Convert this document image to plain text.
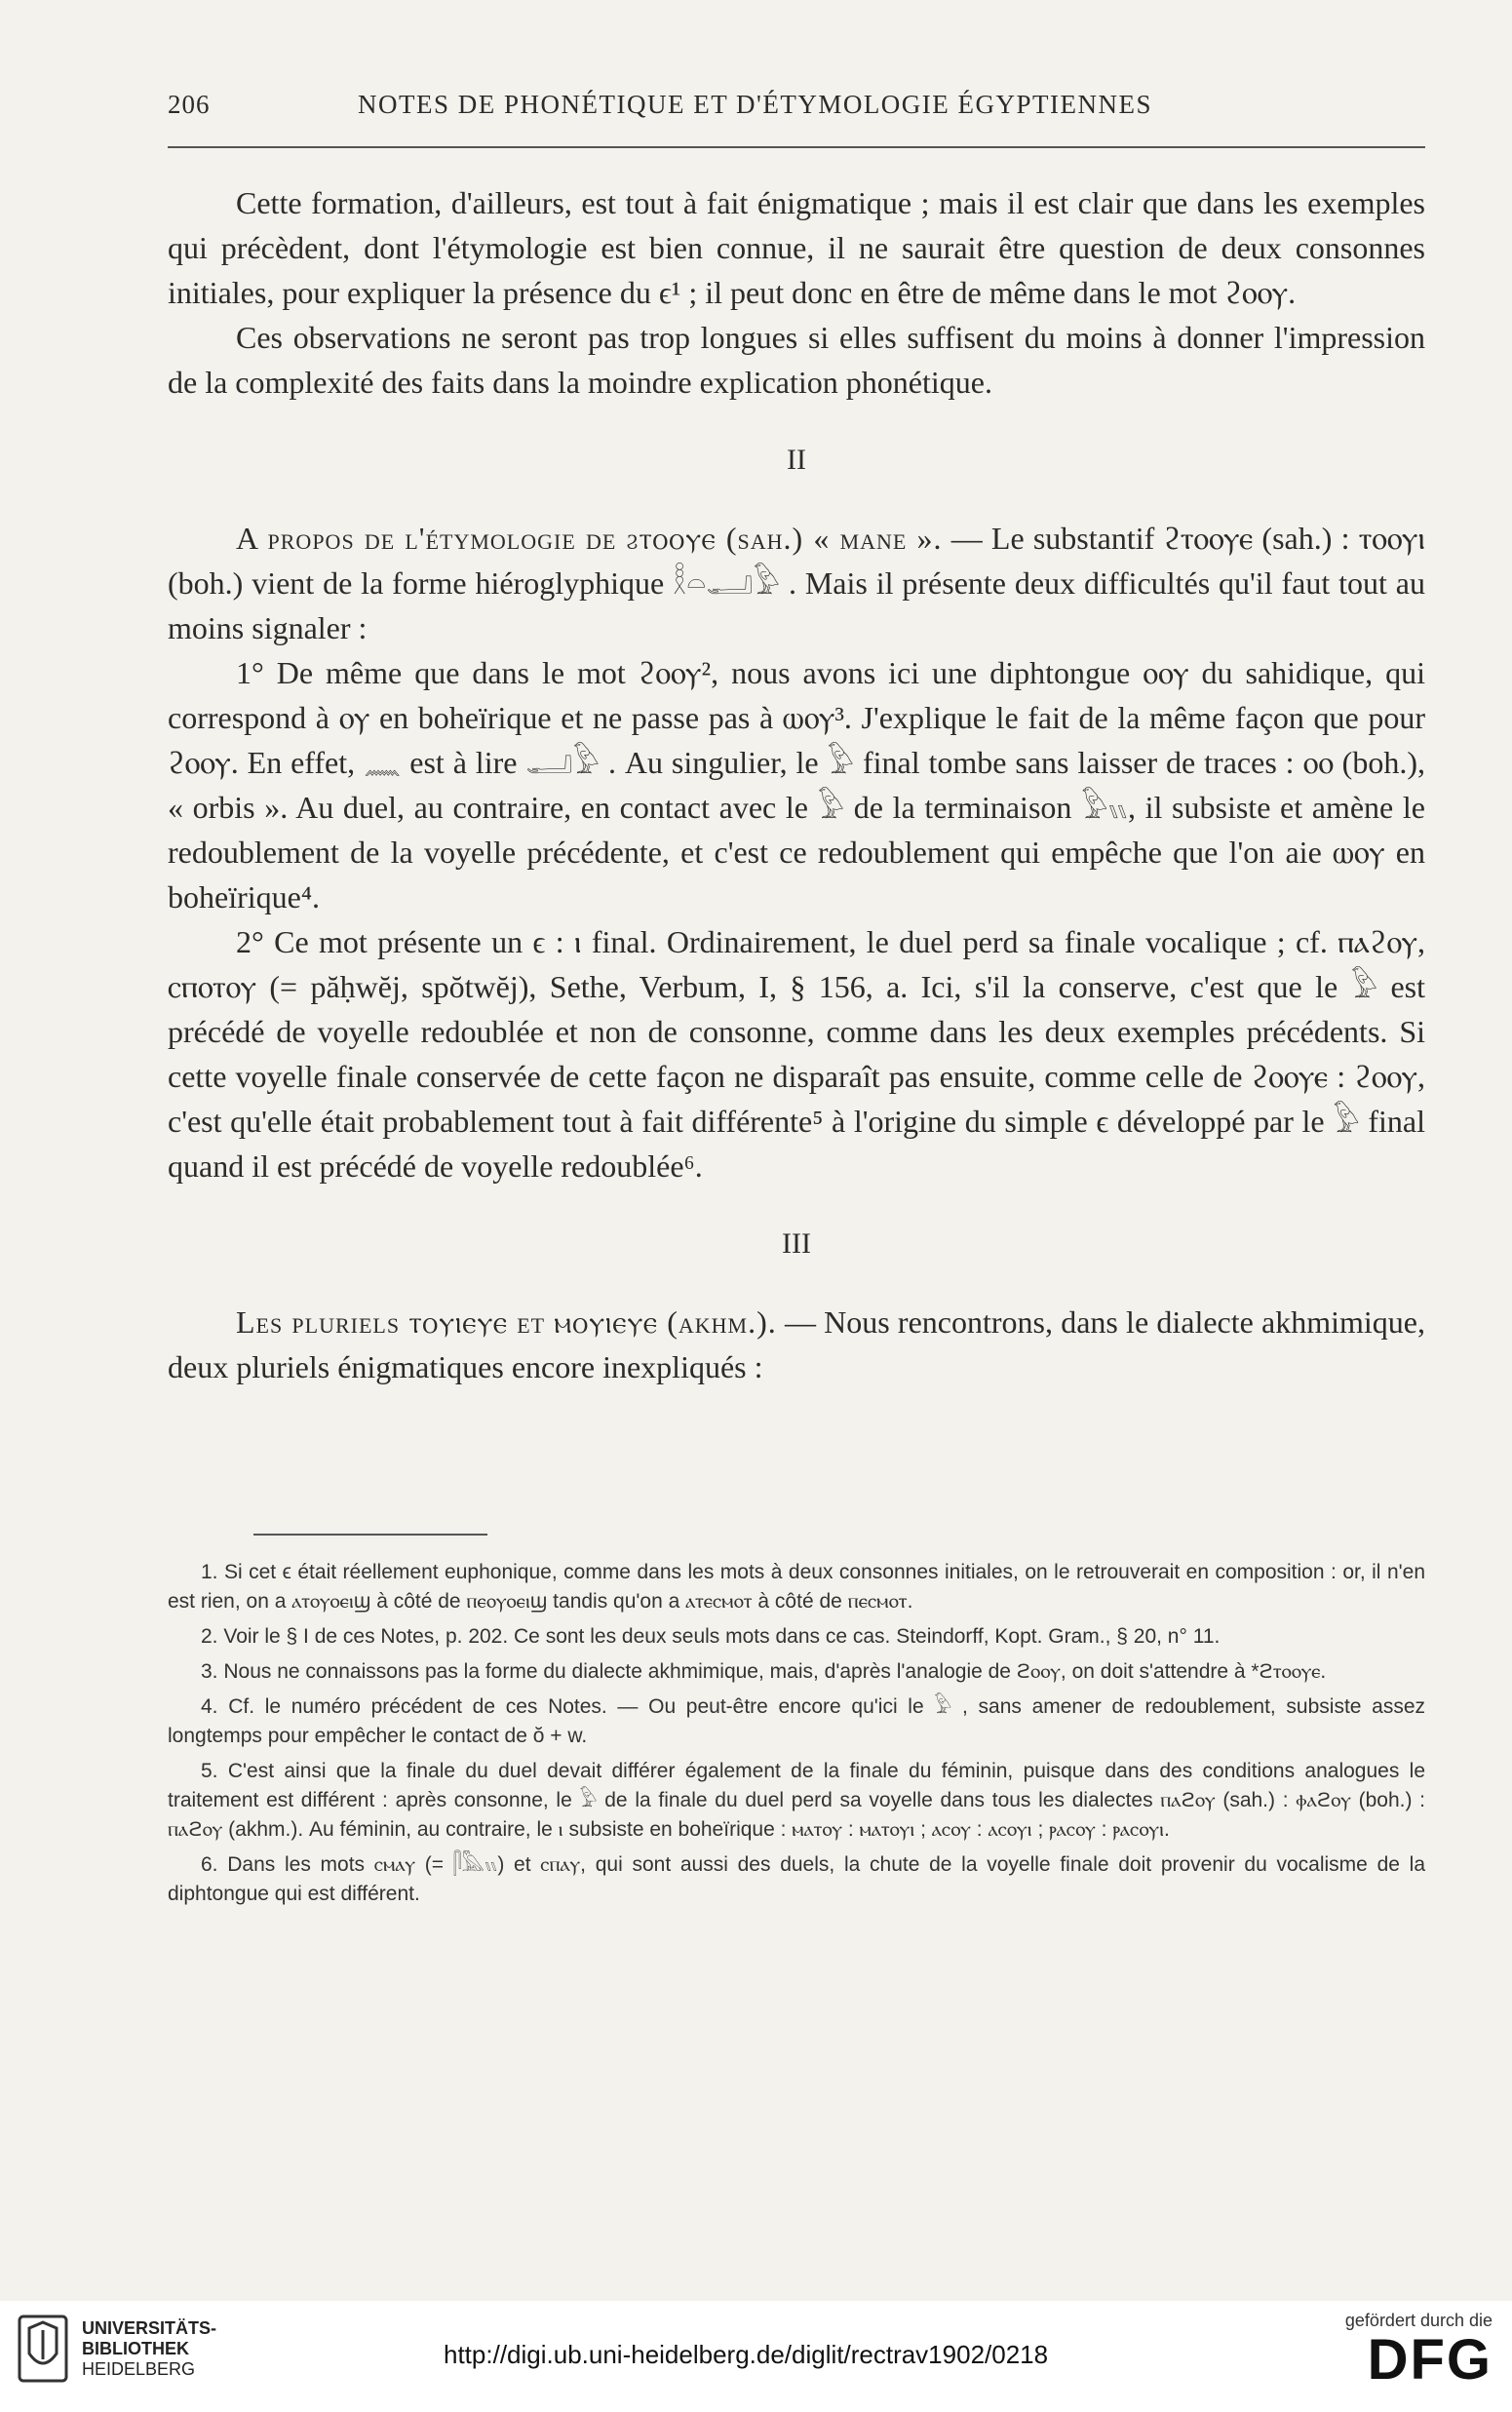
206	NOTES DE PHONÉTIQUE ET D'ÉTYMOLOGIE ÉGYPTIENNES

Cette formation, d'ailleurs, est tout à fait énigmatique ; mais il est clair que dans les exemples qui précèdent, dont l'étymologie est bien connue, il ne saurait être question de deux consonnes initiales, pour expliquer la présence du ϵ¹ ; il peut donc en être de même dans le mot ϩⲟⲟⲩ.

Ces observations ne seront pas trop longues si elles suffisent du moins à donner l'impression de la complexité des faits dans la moindre explication phonétique.

II

A propos de l'étymologie de ϩⲧⲟⲟⲩⲉ (sah.) « mane ». — Le substantif ϩⲧⲟⲟⲩⲉ (sah.) : ⲧⲟⲟⲩⲓ (boh.) vient de la forme hiéroglyphique 𓎛𓏏𓂝𓅱 . Mais il présente deux difficultés qu'il faut tout au moins signaler :

1° De même que dans le mot ϩⲟⲟⲩ², nous avons ici une diphtongue ⲟⲟⲩ du sahidique, qui correspond à ⲟⲩ en boheïrique et ne passe pas à ⲱⲟⲩ³. J'explique le fait de la même façon que pour ϩⲟⲟⲩ. En effet, 𓈖 est à lire 𓂝𓅱 . Au singulier, le 𓅱 final tombe sans laisser de traces : ⲟⲟ (boh.), « orbis ». Au duel, au contraire, en contact avec le 𓅱 de la terminaison 𓅱𓏭, il subsiste et amène le redoublement de la voyelle précédente, et c'est ce redoublement qui empêche que l'on aie ⲱⲟⲩ en boheïrique⁴.

2° Ce mot présente un ϵ : ⲓ final. Ordinairement, le duel perd sa finale vocalique ; cf. ⲡⲁϩⲟⲩ, ⲥⲡⲟⲧⲟⲩ (= păḥwĕj, spŏtwĕj), Sethe, Verbum, I, § 156, a. Ici, s'il la conserve, c'est que le 𓅱 est précédé de voyelle redoublée et non de consonne, comme dans les deux exemples précédents. Si cette voyelle finale conservée de cette façon ne disparaît pas ensuite, comme celle de ϩⲟⲟⲩⲉ : ϩⲟⲟⲩ, c'est qu'elle était probablement tout à fait différente⁵ à l'origine du simple ϵ développé par le 𓅱 final quand il est précédé de voyelle redoublée⁶.

III

Les pluriels ⲧⲟⲩⲓⲉⲩⲉ et ⲙⲟⲩⲓⲉⲩⲉ (akhm.). — Nous rencontrons, dans le dialecte akhmimique, deux pluriels énigmatiques encore inexpliqués :

1. Si cet ϵ était réellement euphonique, comme dans les mots à deux consonnes initiales, on le retrouverait en composition : or, il n'en est rien, on a ⲁⲧⲟⲩⲟⲉⲓϣ à côté de ⲡⲉⲟⲩⲟⲉⲓϣ tandis qu'on a ⲁⲧⲉⲥⲙⲟⲧ à côté de ⲡⲉⲥⲙⲟⲧ.

2. Voir le § I de ces Notes, p. 202. Ce sont les deux seuls mots dans ce cas. Steindorff, Kopt. Gram., § 20, n° 11.

3. Nous ne connaissons pas la forme du dialecte akhmimique, mais, d'après l'analogie de ϩⲟⲟⲩ, on doit s'attendre à *ϩⲧⲟⲟⲩⲉ.

4. Cf. le numéro précédent de ces Notes. — Ou peut-être encore qu'ici le 𓅱 , sans amener de redoublement, subsiste assez longtemps pour empêcher le contact de ŏ + w.

5. C'est ainsi que la finale du duel devait différer également de la finale du féminin, puisque dans des conditions analogues le traitement est différent : après consonne, le 𓅱 de la finale du duel perd sa voyelle dans tous les dialectes ⲡⲁϩⲟⲩ (sah.) : ⲫⲁϩⲟⲩ (boh.) : ⲡⲁϩⲟⲩ (akhm.). Au féminin, au contraire, le ⲓ subsiste en boheïrique : ⲙⲁⲧⲟⲩ : ⲙⲁⲧⲟⲩⲓ ; ⲁⲥⲟⲩ : ⲁⲥⲟⲩⲓ ; ⲣⲁⲥⲟⲩ : ⲣⲁⲥⲟⲩⲓ.

6. Dans les mots ⲥⲙⲁⲩ (= 𓋴𓅓𓏭) et ⲥⲡⲁⲩ, qui sont aussi des duels, la chute de la voyelle finale doit provenir du vocalisme de la diphtongue qui est différent.

UNIVERSITÄTS-
BIBLIOTHEK
HEIDELBERG	http://digi.ub.uni-heidelberg.de/diglit/rectrav1902/0218
gefördert durch die
DFG
